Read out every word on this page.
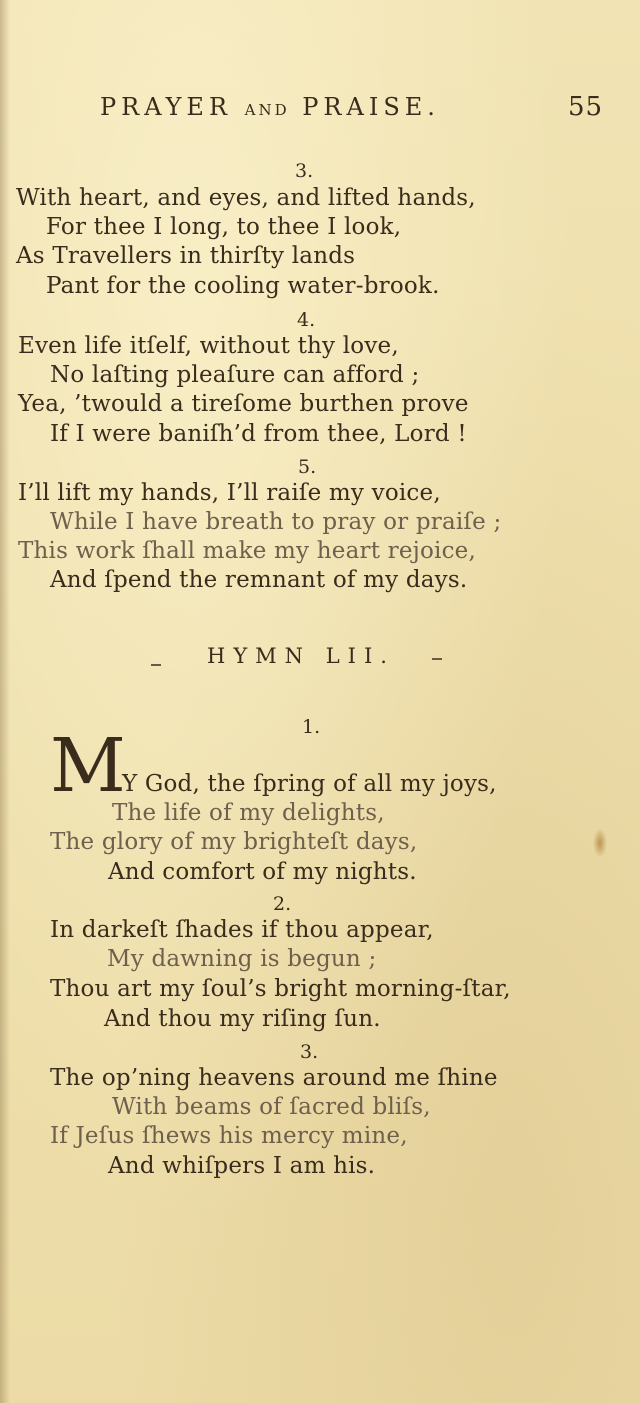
PRAYER AND PRAISE.	55
3.
With heart, and eyes, and lifted hands,
For thee I long, to thee I look,
As Travellers in thirſty lands
Pant for the cooling water-brook.
4.
Even life itſelf, without thy love,
No laſting pleaſure can afford ;
Yea, ’twould a tireſome burthen prove
If I were baniſh’d from thee, Lord !
5.
I’ll lift my hands, I’ll raiſe my voice,
While I have breath to pray or praiſe ;
This work ſhall make my heart rejoice,
And ſpend the remnant of my days.
HYMN LII.
1.
M
Y God, the ſpring of all my joys,
The life of my delights,
The glory of my brighteſt days,
And comfort of my nights.
2.
In darkeſt ſhades if thou appear,
My dawning is begun ;
Thou art my ſoul’s bright morning-ſtar,
And thou my riſing ſun.
3.
The op’ning heavens around me ſhine
With beams of ſacred bliſs,
If Jeſus ſhews his mercy mine,
And whiſpers I am his.
